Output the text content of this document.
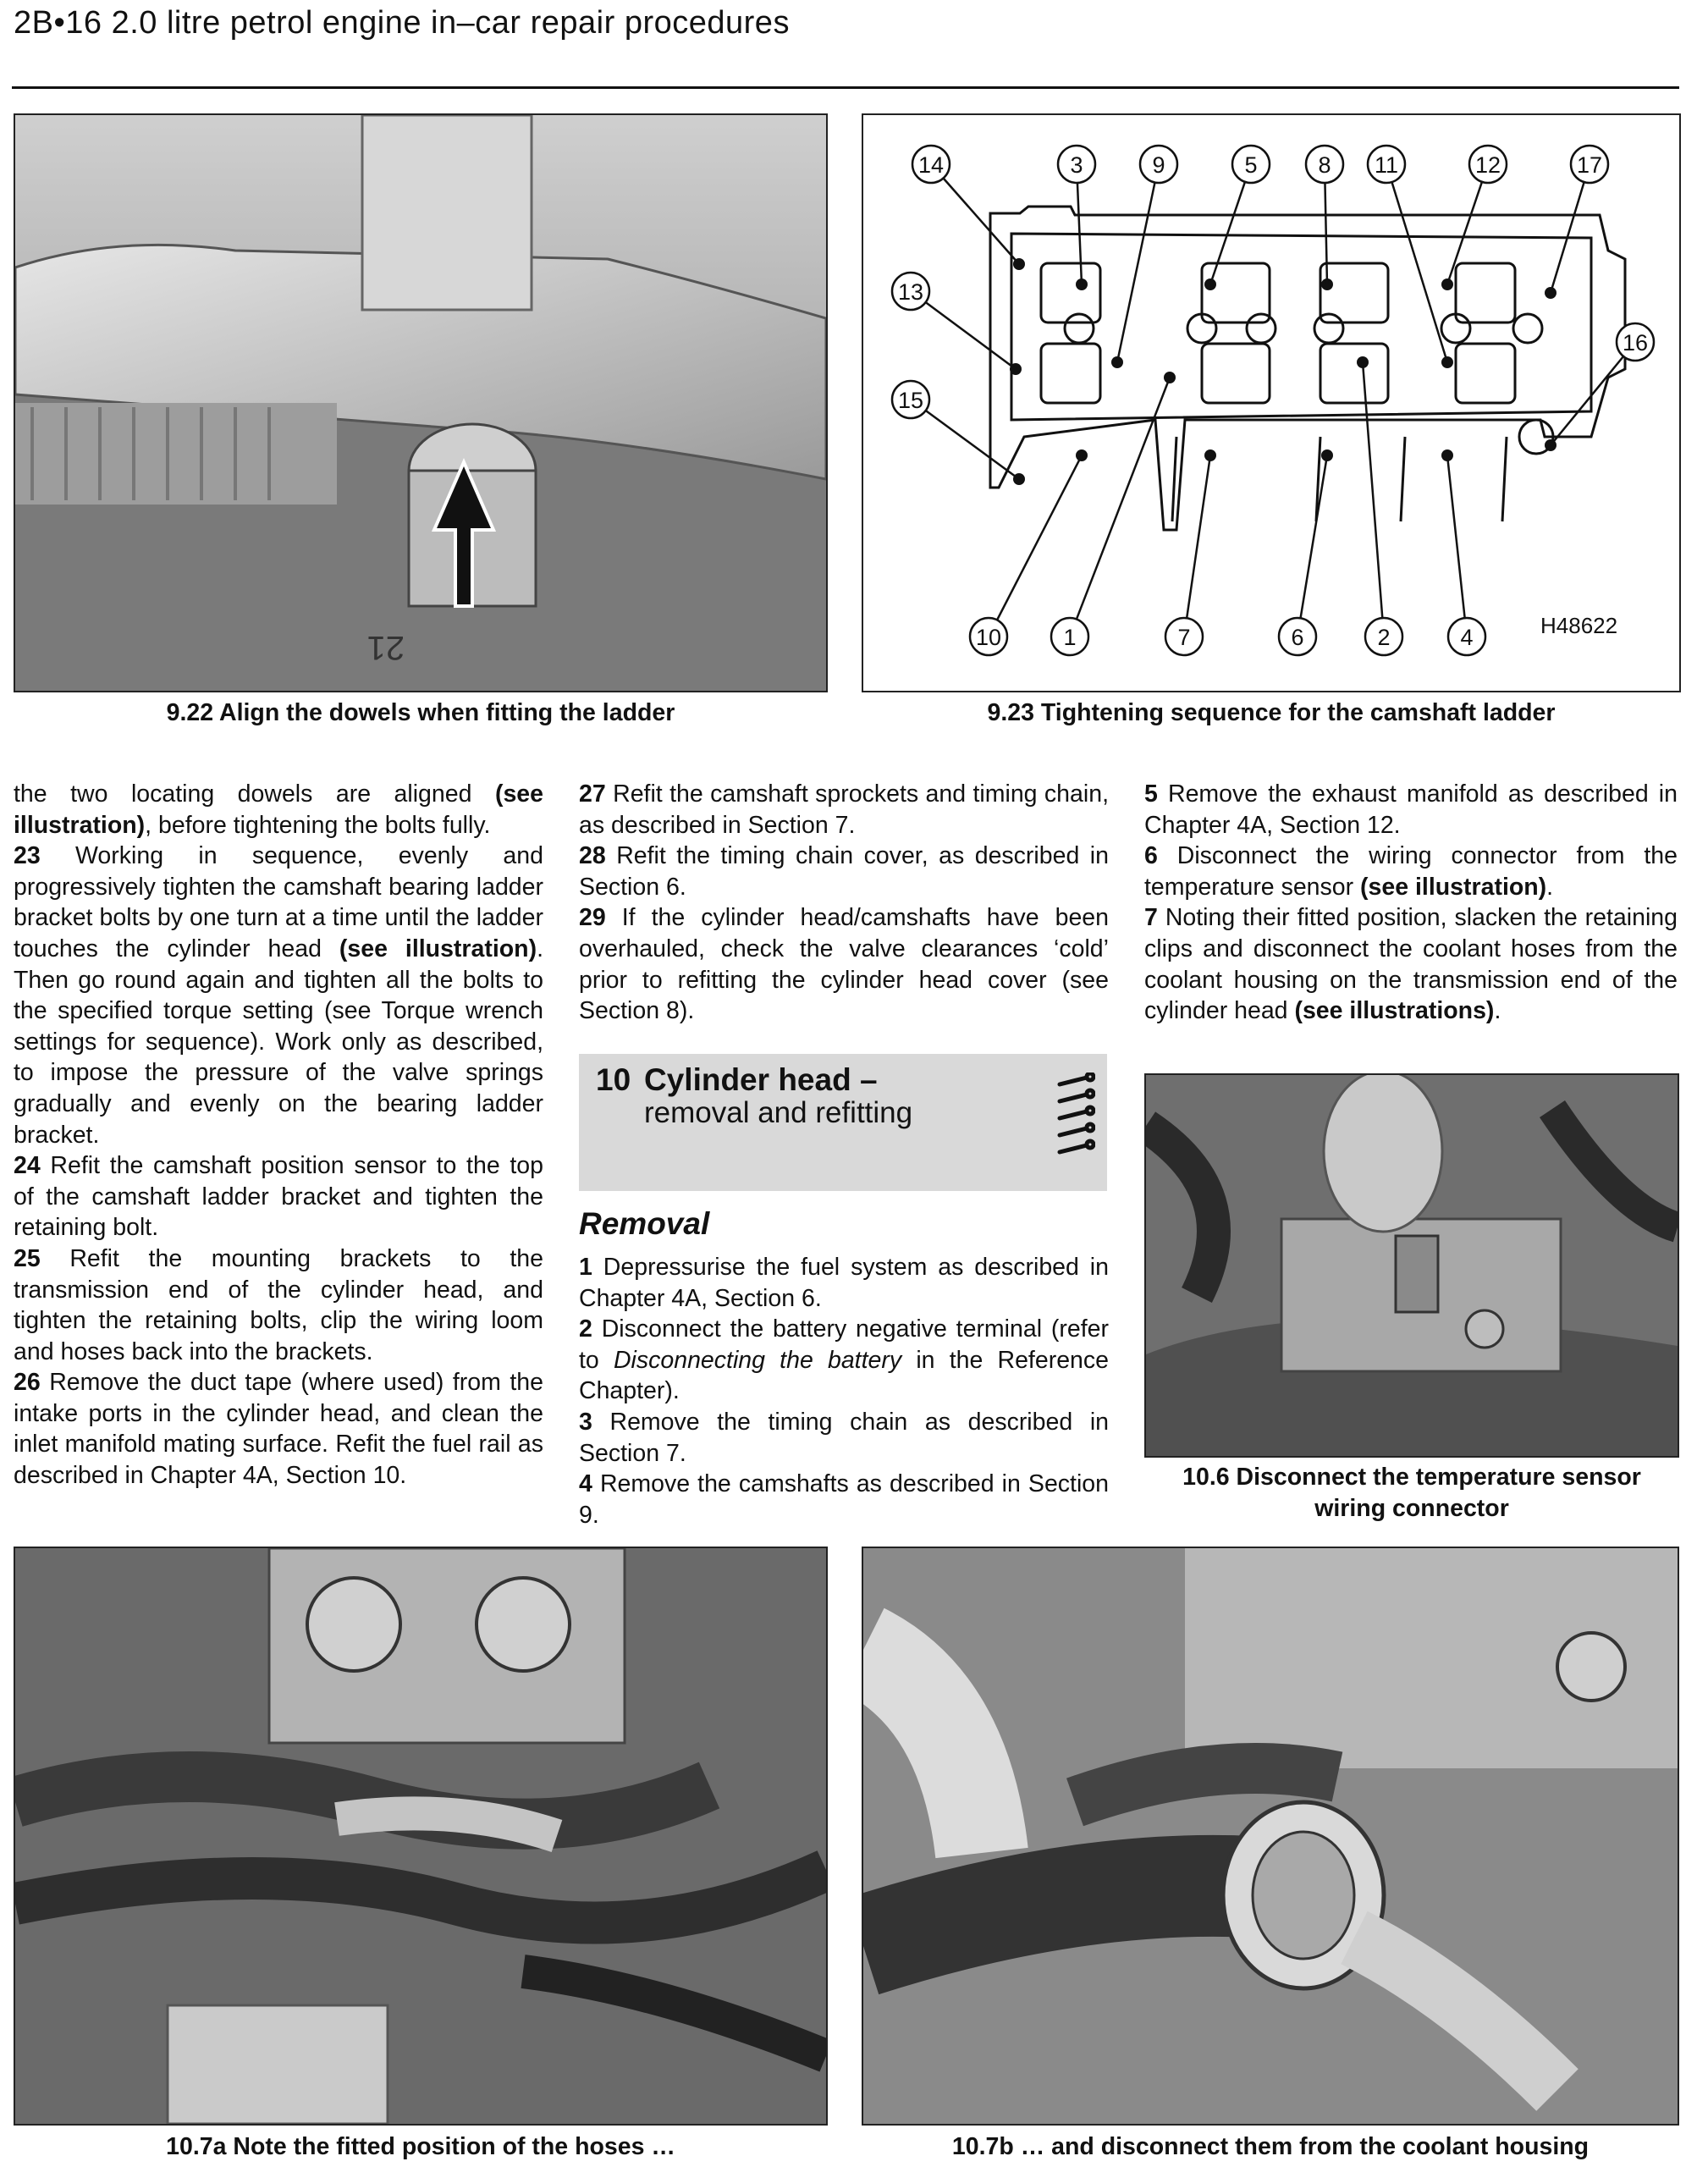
2B•16 2.0 litre petrol engine in–car repair procedures
21
9.22 Align the dowels when fitting the ladder
14	3	9	5	8 11	12	17
13
15
16
10	1	7	6	2	4	H48622
9.23 Tightening sequence for the camshaft ladder

the two locating dowels are aligned (see illustration), before tightening the bolts fully.

23 Working in sequence, evenly and progressively tighten the camshaft bearing ladder bracket bolts by one turn at a time until the ladder touches the cylinder head (see illustration). Then go round again and tighten all the bolts to the specified torque setting (see Torque wrench settings for sequence). Work only as described, to impose the pressure of the valve springs gradually and evenly on the bearing ladder bracket.

24 Refit the camshaft position sensor to the top of the camshaft ladder bracket and tighten the retaining bolt.

25 Refit the mounting brackets to the transmission end of the cylinder head, and tighten the retaining bolts, clip the wiring loom and hoses back into the brackets.

26 Remove the duct tape (where used) from the intake ports in the cylinder head, and clean the inlet manifold mating surface. Refit the fuel rail as described in Chapter 4A, Section 10.

27 Refit the camshaft sprockets and timing chain, as described in Section 7.

28 Refit the timing chain cover, as described in Section 6.

29 If the cylinder head/camshafts have been overhauled, check the valve clearances ‘cold’ prior to refitting the cylinder head cover (see Section 8).

10 Cylinder head –
removal and refitting
Removal

1 Depressurise the fuel system as described in Chapter 4A, Section 6.

2 Disconnect the battery negative terminal (refer to Disconnecting the battery in the Reference Chapter).

3 Remove the timing chain as described in Section 7.

4 Remove the camshafts as described in Section 9.

5 Remove the exhaust manifold as described in Chapter 4A, Section 12.

6 Disconnect the wiring connector from the temperature sensor (see illustration).

7 Noting their fitted position, slacken the retaining clips and disconnect the coolant hoses from the coolant housing on the transmission end of the cylinder head (see illustrations).

10.6 Disconnect the temperature sensor
wiring connector
10.7a Note the fitted position of the hoses …	10.7b … and disconnect them from the coolant housing
